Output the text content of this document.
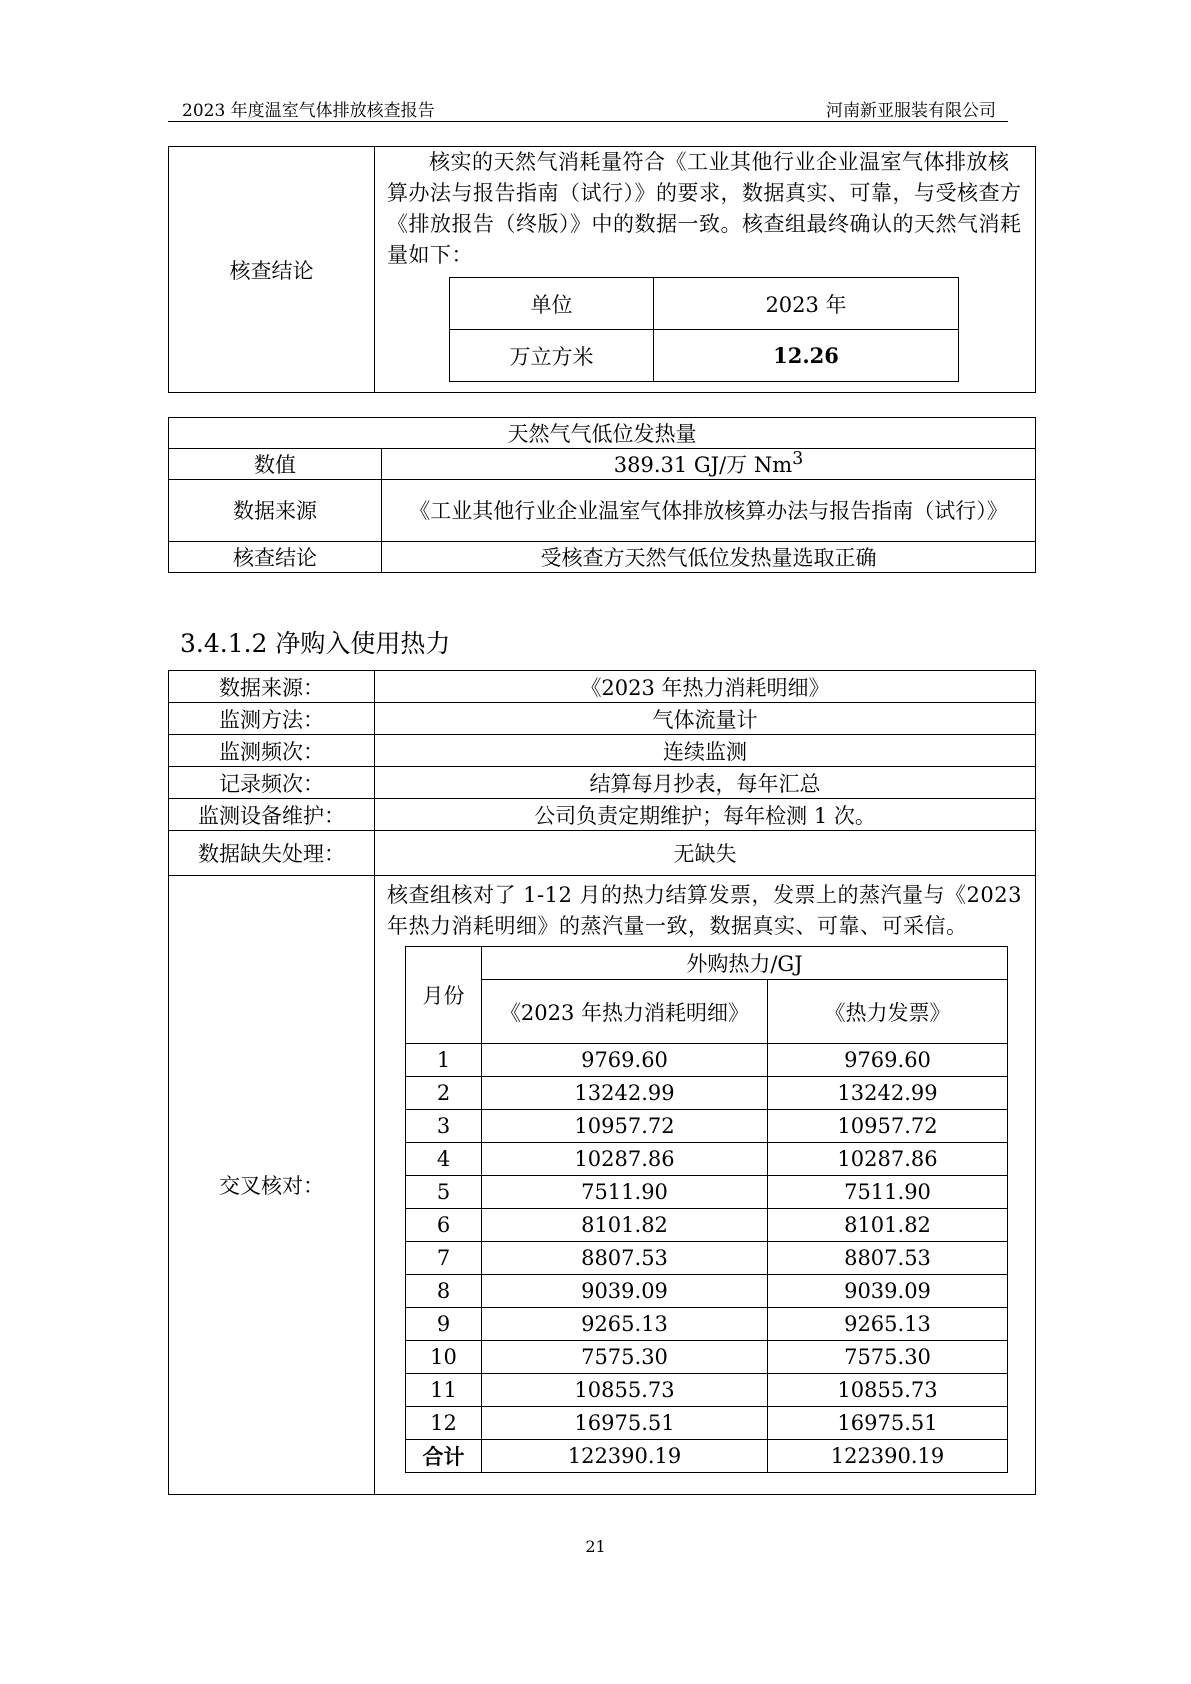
2023 年度温室气体排放核查报告	河南新亚服装有限公司
核查结论	
核实的天然气消耗量符合《工业其他行业企业温室气体排放核算办法与报告指南（试行）》的要求，数据真实、可靠，与受核查方《排放报告（终版）》中的数据一致。核查组最终确认的天然气消耗量如下：
单位	2023 年
万立方米	12.26
天然气气低位发热量	
数值	389.31 GJ/万 Nm$^3$
数据来源	《工业其他行业企业温室气体排放核算办法与报告指南（试行）》
核查结论	受核查方天然气低位发热量选取正确
3.4.1.2 净购入使用热力
数据来源：	《2023 年热力消耗明细》
监测方法：	气体流量计
监测频次：	连续监测
记录频次：	结算每月抄表，每年汇总
监测设备维护：	公司负责定期维护；每年检测 1 次。
数据缺失处理：	无缺失
交叉核对：	
核查组核对了 1-12 月的热力结算发票，发票上的蒸汽量与《2023 年热力消耗明细》的蒸汽量一致，数据真实、可靠、可采信。
月份	外购热力/GJ
《2023 年热力消耗明细》	《热力发票》
1	9769.60	9769.60
2	13242.99	13242.99
3	10957.72	10957.72
4	10287.86	10287.86
5	7511.90	7511.90
6	8101.82	8101.82
7	8807.53	8807.53
8	9039.09	9039.09
9	9265.13	9265.13
10	7575.30	7575.30
11	10855.73	10855.73
12	16975.51	16975.51
合计	122390.19	122390.19
21
